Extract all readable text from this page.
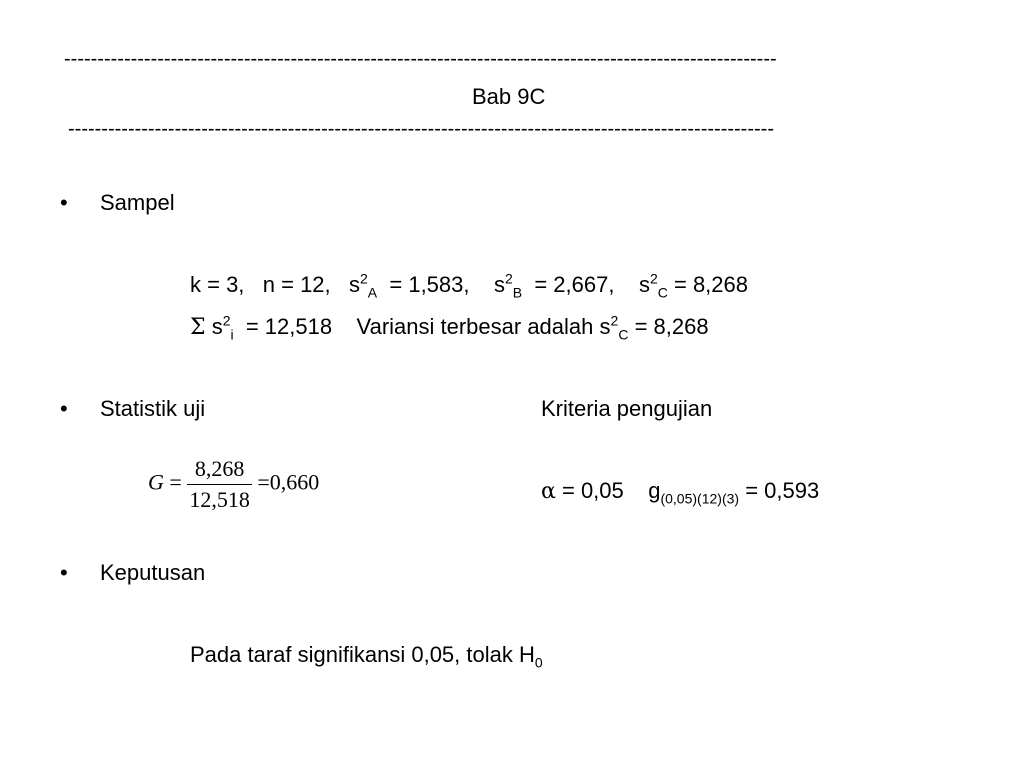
-----------------------------------------------------------------------------------------------------------
Bab 9C
----------------------------------------------------------------------------------------------------------
• Sampel
k = 3, n = 12, $s^2_A = 1,583$, $s^2_B = 2,667$, $s^2_C = 8,268$
Σ $s^2_i = 12,518$ Variansi terbesar adalah $s^2_C = 8,268$
• Statistik uji
$G = \frac{8,268}{12,518} =0,660$
Kriteria pengujian
α = 0,05 $g_{(0,05)(12)(3)} = 0,593$
• Keputusan
Pada taraf signifikansi 0,05, tolak $H_0$
